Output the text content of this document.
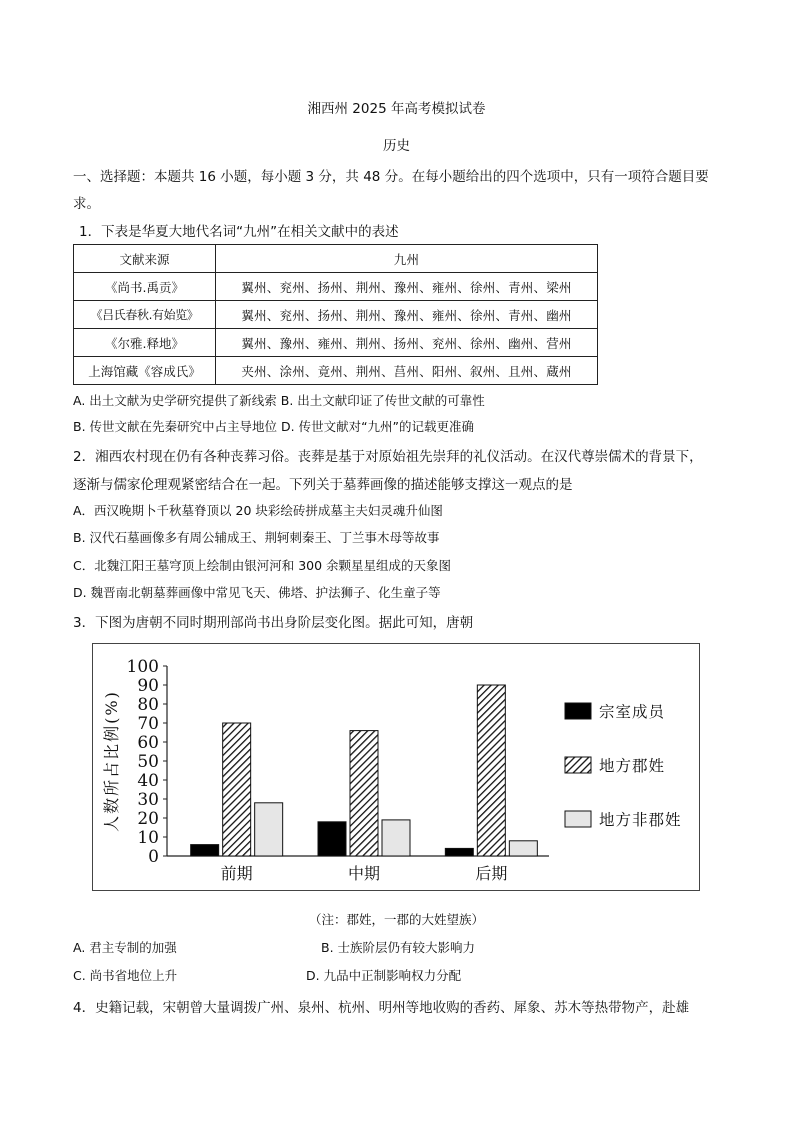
湘西州 2025 年高考模拟试卷
历史
一、选择题：本题共 16 小题，每小题 3 分，共 48 分。在每小题给出的四个选项中，只有一项符合题目要
求。
1．下表是华夏大地代名词“九州”在相关文献中的表述
文献来源	九州
《尚书.禹贡》	翼州、兖州、扬州、荆州、豫州、雍州、徐州、青州、梁州
《吕氏春秋.有始览》	翼州、兖州、扬州、荆州、豫州、雍州、徐州、青州、幽州
《尔雅.释地》	翼州、豫州、雍州、荆州、扬州、兖州、徐州、幽州、营州
上海馆藏《容成氏》	夹州、涂州、竟州、荆州、莒州、阳州、叙州、且州、蔵州
A. 出土文献为史学研究提供了新线索 B. 出土文献印证了传世文献的可靠性
B. 传世文献在先秦研究中占主导地位 D. 传世文献对“九州”的记载更准确
2．湘西农村现在仍有各种丧葬习俗。丧葬是基于对原始祖先崇拜的礼仪活动。在汉代尊崇儒术的背景下，
逐渐与儒家伦理观紧密结合在一起。下列关于墓葬画像的描述能够支撑这一观点的是
A．西汉晚期卜千秋墓脊顶以 20 块彩绘砖拼成墓主夫妇灵魂升仙图
B. 汉代石墓画像多有周公辅成王、荆轲刺秦王、丁兰事木母等故事
C．北魏江阳王墓穹顶上绘制由银河河和 300 余颗星星组成的天象图
D. 魏晋南北朝墓葬画像中常见飞天、佛塔、护法狮子、化生童子等
3．下图为唐朝不同时期刑部尚书出身阶层变化图。据此可知，唐朝
0
10
20
30
40
50
60
70
80
90
100
人数所占比例(%)
前期	中期	后期
宗室成员
地方郡姓
地方非郡姓
（注：郡姓，一郡的大姓望族）
A. 君主专制的加强	B. 士族阶层仍有较大影响力
C. 尚书省地位上升	D. 九品中正制影响权力分配
4．史籍记载，宋朝曾大量调拨广州、泉州、杭州、明州等地收购的香药、犀象、苏木等热带物产，赴雄
